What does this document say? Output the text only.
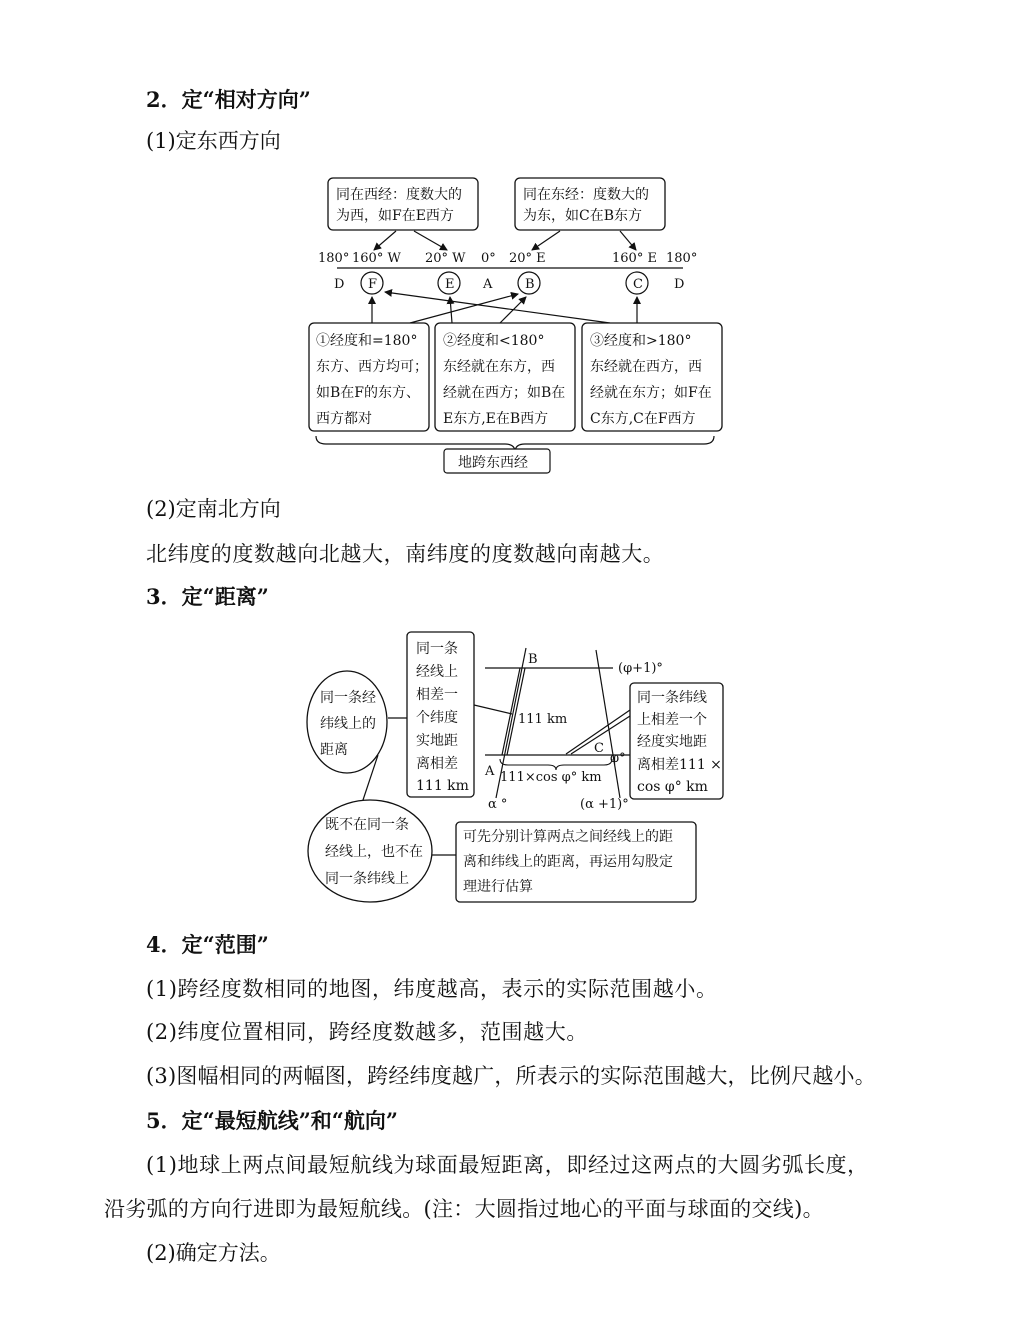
2．定“相对方向”
(1)定东西方向
同在西经：度数大的
为西，如F在E西方
同在东经：度数大的
为东，如C在B东方
180° 160° W 20° W 0° 20° E	160° E 180°
D F	E A	B	C D
①经度和=180°
东方、西方均可；
如B在F的东方、
西方都对
②经度和<180°
东经就在东方，西
经就在西方；如B在
E东方,E在B西方
③经度和>180°
东经就在西方，西
经就在东方；如F在
C东方,C在F西方
地跨东西经
同一条经
纬线上的
距离
同一条
经线上
相差一
个纬度
实地距
离相差
111 km
B
(φ+1)°
111 km
C
φ°
A 111×cos φ° km
α °	(α +1)°
同一条纬线
上相差一个
经度实地距
离相差111 ×
cos φ° km
既不在同一条
经线上，也不在
同一条纬线上
可先分别计算两点之间经线上的距
离和纬线上的距离，再运用勾股定
理进行估算
(2)定南北方向
北纬度的度数越向北越大，南纬度的度数越向南越大。
3．定“距离”
4．定“范围”
(1)跨经度数相同的地图，纬度越高，表示的实际范围越小。
(2)纬度位置相同，跨经度数越多，范围越大。
(3)图幅相同的两幅图，跨经纬度越广，所表示的实际范围越大，比例尺越小。
5．定“最短航线”和“航向”
(1)地球上两点间最短航线为球面最短距离，即经过这两点的大圆劣弧长度，
沿劣弧的方向行进即为最短航线。(注：大圆指过地心的平面与球面的交线)。
(2)确定方法。
